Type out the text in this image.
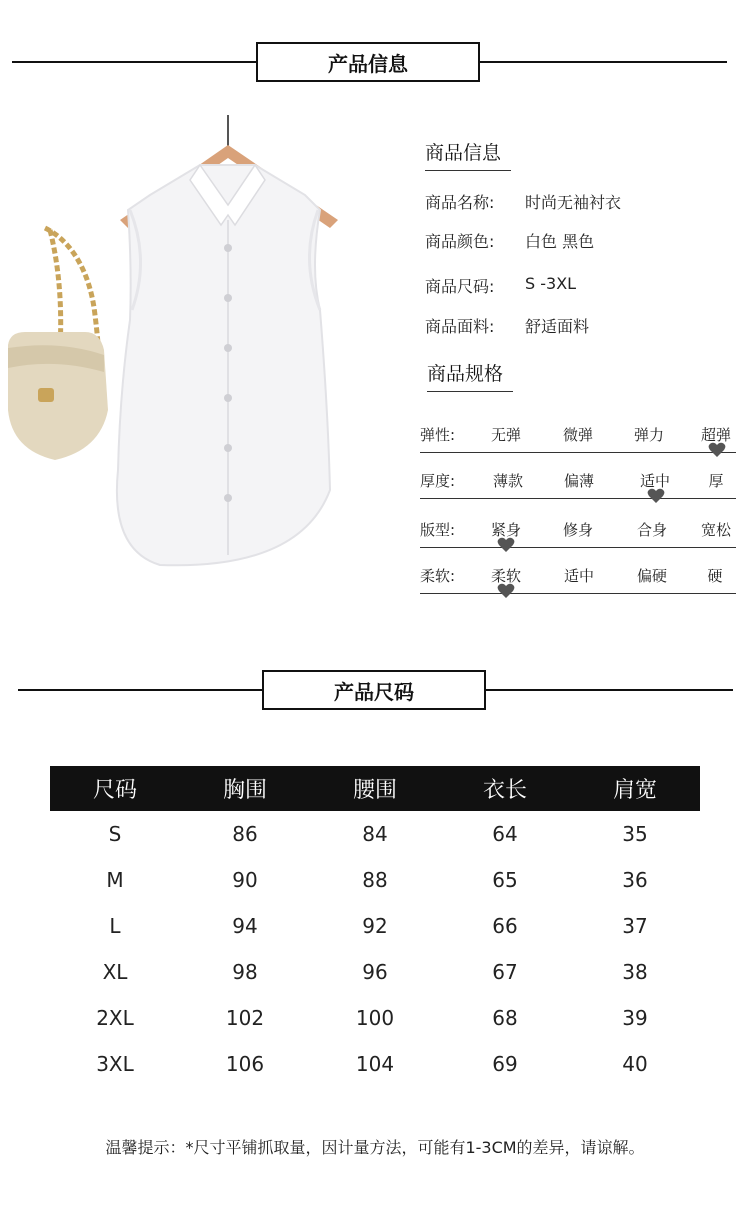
产品信息
商品信息
商品名称:	时尚无袖衬衣
商品颜色:	白色 黑色
商品尺码:	S -3XL
商品面料:	舒适面料
商品规格
弹性:	无弹	微弹	弹力	超弹
厚度:	薄款	偏薄	适中	厚
版型:	紧身	修身	合身	宽松
柔软:	柔软	适中	偏硬	硬
产品尺码
尺码	胸围	腰围	衣长	肩宽
S	86	84	64	35
M	90	88	65	36
L	94	92	66	37
XL	98	96	67	38
2XL	102	100	68	39
3XL	106	104	69	40
温馨提示：*尺寸平铺抓取量，因计量方法，可能有1-3CM的差异，请谅解。
